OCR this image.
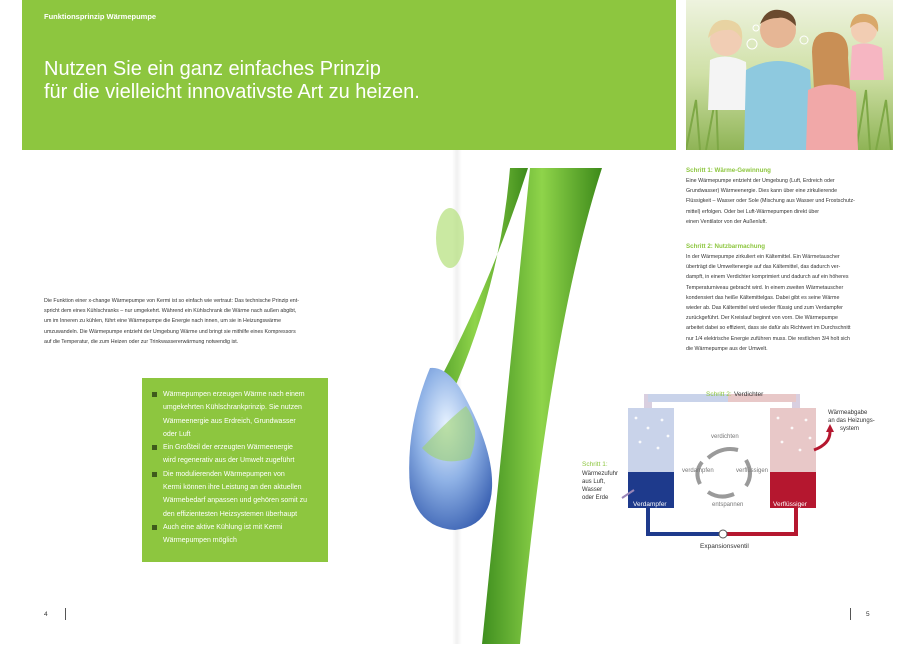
Funktionsprinzip Wärmepumpe
Nutzen Sie ein ganz einfaches Prinzip
für die vielleicht innovativste Art zu heizen.
Die Funktion einer x-change Wärmepumpe von Kermi ist so einfach wie vertraut: Das technische Prinzip ent-
spricht dem eines Kühlschranks – nur umgekehrt. Während ein Kühlschrank die Wärme nach außen abgibt,
um im Inneren zu kühlen, führt eine Wärmepumpe die Energie nach innen, um sie in Heizungswärme
umzuwandeln. Die Wärmepumpe entzieht der Umgebung Wärme und bringt sie mithilfe eines Kompressors
auf die Temperatur, die zum Heizen oder zur Trinkwassererwärmung notwendig ist.
Wärmepumpen erzeugen Wärme nach einem
umgekehrten Kühlschrankprinzip. Sie nutzen
Wärmeenergie aus Erdreich, Grundwasser
oder Luft
Ein Großteil der erzeugten Wärmeenergie
wird regenerativ aus der Umwelt zugeführt
Die modulierenden Wärmepumpen von
Kermi können ihre Leistung an den aktuellen
Wärmebedarf anpassen und gehören somit zu
den effizientesten Heizsystemen überhaupt
Auch eine aktive Kühlung ist mit Kermi
Wärmepumpen möglich
4
Schritt 1: Wärme-Gewinnung
Eine Wärmepumpe entzieht der Umgebung (Luft, Erdreich oder
Grundwasser) Wärmeenergie. Dies kann über eine zirkulierende
Flüssigkeit – Wasser oder Sole (Mischung aus Wasser und Frostschutz-
mittel) erfolgen. Oder bei Luft-Wärmepumpen direkt über
einen Ventilator von der Außenluft.
Schritt 2: Nutzbarmachung
In der Wärmepumpe zirkuliert ein Kältemittel. Ein Wärmetauscher
überträgt die Umweltenergie auf das Kältemittel, das dadurch ver-
dampft, in einem Verdichter komprimiert und dadurch auf ein höheres
Temperaturniveau gebracht wird. In einem zweiten Wärmetauscher
kondensiert das heiße Kältemittelgas. Dabei gibt es seine Wärme
wieder ab. Das Kältemittel wird wieder flüssig und zum Verdampfer
zurückgeführt. Der Kreislauf beginnt von vorn. Die Wärmepumpe
arbeitet dabei so effizient, dass sie dafür als Richtwert im Durchschnitt
nur 1/4 elektrische Energie zuführen muss. Die restlichen 3/4 holt sich
die Wärmepumpe aus der Umwelt.
Schritt 2: Verdichter
verdichten
verdampfen	verflüssigen
entspannen
Verdampfer	Verflüssiger
Expansionsventil
Schritt 1:
Wärmezufuhr
aus Luft,
Wasser
oder Erde
Wärmeabgabe
an das Heizungs-
system
5
